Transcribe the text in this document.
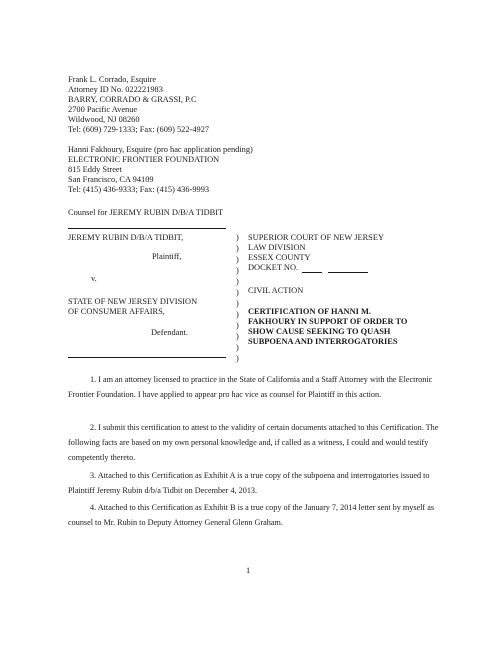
Frank L. Corrado, Esquire
Attorney ID No. 022221983
BARRY, CORRADO & GRASSI, P.C
2700 Pacific Avenue
Wildwood, NJ 08260
Tel: (609) 729-1333; Fax: (609) 522-4927
Hanni Fakhoury, Esquire (pro hac application pending)
ELECTRONIC FRONTIER FOUNDATION
815 Eddy Street
San Francisco, CA 94109
Tel: (415) 436-9333; Fax: (415) 436-9993
Counsel for JEREMY RUBIN D/B/A TIDBIT
JEREMY RUBIN D/B/A TIDBIT,
Plaintiff,
v.
STATE OF NEW JERSEY DIVISION
OF CONSUMER AFFAIRS,
Defendant.
)
)
)
)
)
)
)
)
)
)
)
)
SUPERIOR COURT OF NEW JERSEY
LAW DIVISION
ESSEX COUNTY
DOCKET NO.
CIVIL ACTION
CERTIFICATION OF HANNI M.
FAKHOURY IN SUPPORT OF ORDER TO
SHOW CAUSE SEEKING TO QUASH
SUBPOENA AND INTERROGATORIES
1. I am an attorney licensed to practice in the State of California and a Staff Attorney with the Electronic Frontier Foundation. I have applied to appear pro hac vice as counsel for Plaintiff in this action.
2. I submit this certification to attest to the validity of certain documents attached to this Certification. The following facts are based on my own personal knowledge and, if called as a witness, I could and would testify competently thereto.
3. Attached to this Certification as Exhibit A is a true copy of the subpoena and interrogatories issued to Plaintiff Jeremy Rubin d/b/a Tidbit on December 4, 2013.
4. Attached to this Certification as Exhibit B is a true copy of the January 7, 2014 letter sent by myself as counsel to Mr. Rubin to Deputy Attorney General Glenn Graham.
1
